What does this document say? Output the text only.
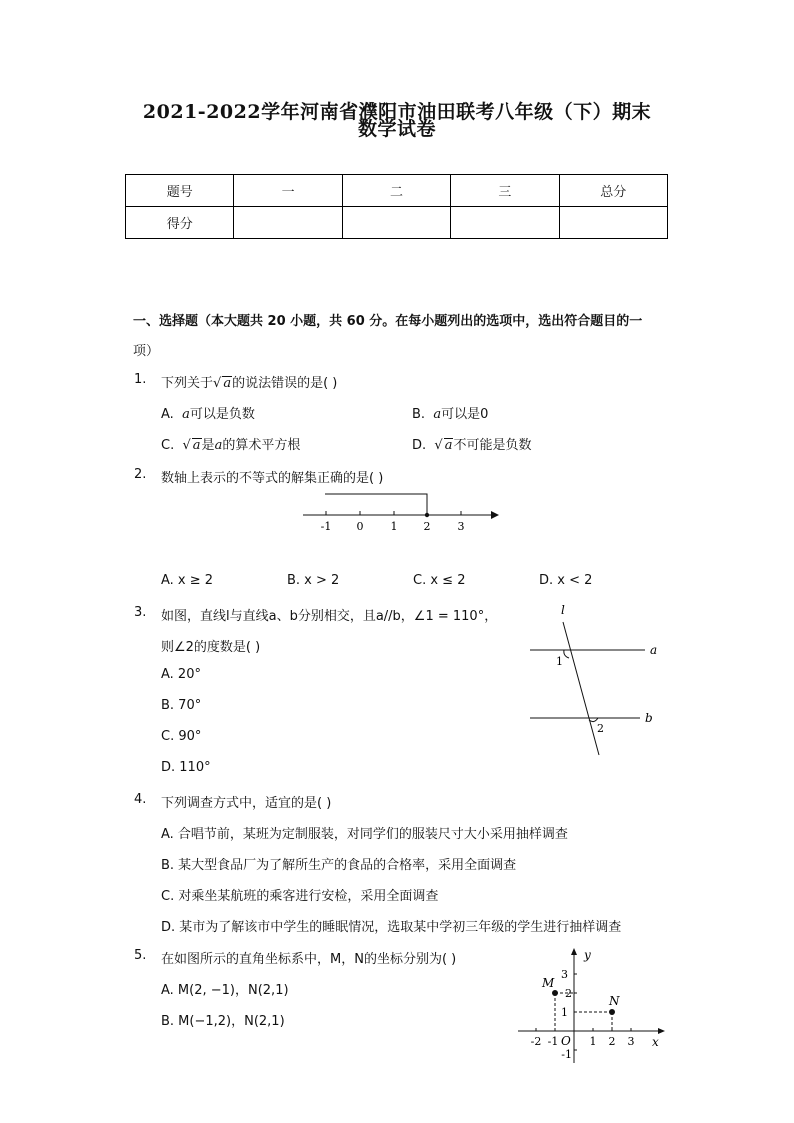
2021-2022学年河南省濮阳市油田联考八年级（下）期末
数学试卷
题号	一	二	三	总分
得分				
一、选择题（本大题共 20 小题，共 60 分。在每小题列出的选项中，选出符合题目的一
项）
1. 下列关于√ a的说法错误的是( )
A. a可以是负数	B. a可以是0
C. √ a是a的算术平方根	D. √ a不可能是负数
2. 数轴上表示的不等式的解集正确的是( )
-1 0 1 2 3
A. x ≥ 2	B. x > 2	C. x ≤ 2	D. x < 2
3. 如图，直线l与直线a、b分别相交，且a//b，∠1 = 110°，
则∠2的度数是( )
A. 20°
B. 70°
C. 90°
D. 110°
l
a
b
1
2
4. 下列调查方式中，适宜的是( )
A. 合唱节前，某班为定制服装，对同学们的服装尺寸大小采用抽样调查
B. 某大型食品厂为了解所生产的食品的合格率，采用全面调查
C. 对乘坐某航班的乘客进行安检，采用全面调查
D. 某市为了解该市中学生的睡眠情况，选取某中学初三年级的学生进行抽样调查
5. 在如图所示的直角坐标系中，M，N的坐标分别为( )
A. M(2, −1)，N(2,1)
B. M(−1,2)，N(2,1)
M
N
y
x
O
-2 -1	1 2 3
3
2
1
-1
